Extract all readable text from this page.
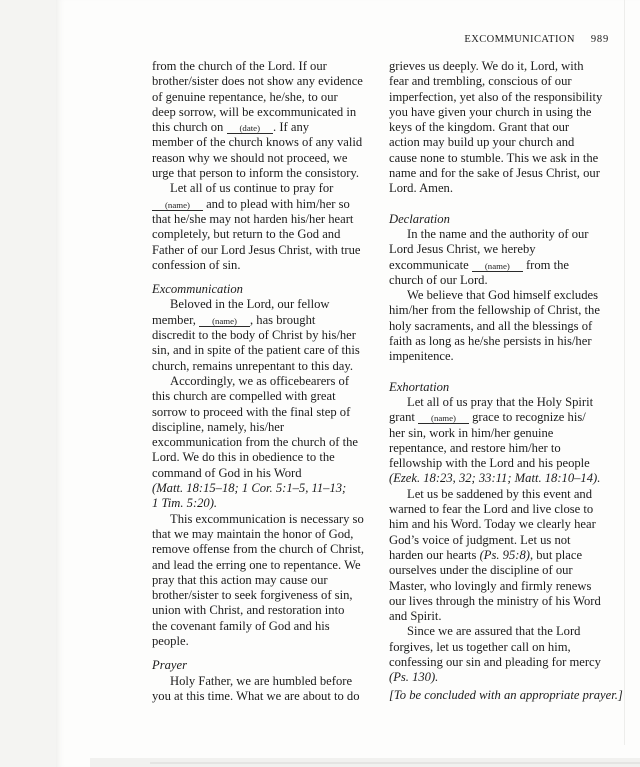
EXCOMMUNICATION 989
from the church of the Lord. If our
brother/sister does not show any evidence
of genuine repentance, he/she, to our
deep sorrow, will be excommunicated in
this church on (date) . If any
member of the church knows of any valid
reason why we should not proceed, we
urge that person to inform the consistory.
Let all of us continue to pray for
(name) and to plead with him/her so
that he/she may not harden his/her heart
completely, but return to the God and
Father of our Lord Jesus Christ, with true
confession of sin.
Excommunication
Beloved in the Lord, our fellow
member, (name) , has brought
discredit to the body of Christ by his/her
sin, and in spite of the patient care of this
church, remains unrepentant to this day.
Accordingly, we as officebearers of
this church are compelled with great
sorrow to proceed with the final step of
discipline, namely, his/her
excommunication from the church of the
Lord. We do this in obedience to the
command of God in his Word
(Matt. 18:15–18; 1 Cor. 5:1–5, 11–13;
1 Tim. 5:20).
This excommunication is necessary so
that we may maintain the honor of God,
remove offense from the church of Christ,
and lead the erring one to repentance. We
pray that this action may cause our
brother/sister to seek forgiveness of sin,
union with Christ, and restoration into
the covenant family of God and his
people.
Prayer
Holy Father, we are humbled before
you at this time. What we are about to do
grieves us deeply. We do it, Lord, with
fear and trembling, conscious of our
imperfection, yet also of the responsibility
you have given your church in using the
keys of the kingdom. Grant that our
action may build up your church and
cause none to stumble. This we ask in the
name and for the sake of Jesus Christ, our
Lord. Amen.
Declaration
In the name and the authority of our
Lord Jesus Christ, we hereby
excommunicate (name) from the
church of our Lord.
We believe that God himself excludes
him/her from the fellowship of Christ, the
holy sacraments, and all the blessings of
faith as long as he/she persists in his/her
impenitence.
Exhortation
Let all of us pray that the Holy Spirit
grant (name) grace to recognize his/
her sin, work in him/her genuine
repentance, and restore him/her to
fellowship with the Lord and his people
(Ezek. 18:23, 32; 33:11; Matt. 18:10–14).
Let us be saddened by this event and
warned to fear the Lord and live close to
him and his Word. Today we clearly hear
God’s voice of judgment. Let us not
harden our hearts (Ps. 95:8), but place
ourselves under the discipline of our
Master, who lovingly and firmly renews
our lives through the ministry of his Word
and Spirit.
Since we are assured that the Lord
forgives, let us together call on him,
confessing our sin and pleading for mercy
(Ps. 130).
[To be concluded with an appropriate prayer.]
